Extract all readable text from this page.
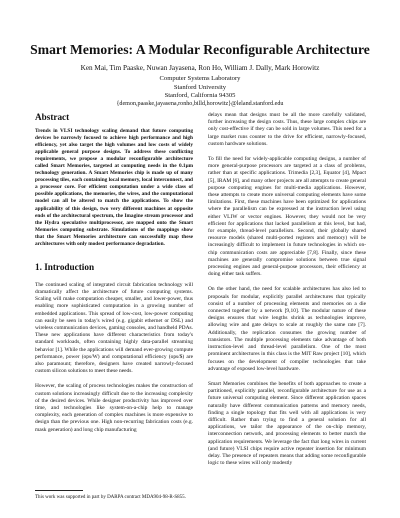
Smart Memories: A Modular Reconfigurable Architecture
Ken Mai, Tim Paaske, Nuwan Jayasena, Ron Ho, William J. Dally, Mark Horowitz
Computer Systems Laboratory
Stanford University
Stanford, California 94305
{demon,paaske,jayasena,ronho,billd,horowitz}@leland.stanford.edu
Abstract

Trends in VLSI technology scaling demand that future computing devices be narrowly focused to achieve high performance and high efficiency, yet also target the high volumes and low costs of widely applicable general purpose designs. To address these conflicting requirements, we propose a modular reconfigurable architecture called Smart Memories, targeted at computing needs in the 0.1μm technology generation. A Smart Memories chip is made up of many processing tiles, each containing local memory, local interconnect, and a processor core. For efficient computation under a wide class of possible applications, the memories, the wires, and the computational model can all be altered to match the applications. To show the applicability of this design, two very different machines at opposite ends of the architectural spectrum, the Imagine stream processor and the Hydra speculative multiprocessor, are mapped onto the Smart Memories computing substrate. Simulations of the mappings show that the Smart Memories architecture can successfully map these architectures with only modest performance degradation.

1. Introduction

The continued scaling of integrated circuit fabrication technology will dramatically affect the architecture of future computing systems. Scaling will make computation cheaper, smaller, and lower-power, thus enabling more sophisticated computation in a growing number of embedded applications. This spread of low-cost, low-power computing can easily be seen in today's wired (e.g. gigabit ethernet or DSL) and wireless communication devices, gaming consoles, and handheld PDAs. These new applications have different characteristics from today's standard workloads, often containing highly data-parallel streaming behavior [1]. While the applications will demand ever-growing compute performance, power (ops/W) and computational efficiency (ops/$) are also paramount; therefore, designers have created narrowly-focused custom silicon solutions to meet these needs.

However, the scaling of process technologies makes the construction of custom solutions increasingly difficult due to the increasing complexity of the desired devices. While designer productivity has improved over time, and technologies like system-on-a-chip help to manage complexity, each generation of complex machines is more expensive to design than the previous one. High non-recurring fabrication costs (e.g. mask generation) and long chip manufacturing

delays mean that designs must be all the more carefully validated, further increasing the design costs. Thus, these large complex chips are only cost-effective if they can be sold in large volumes. This need for a large market runs counter to the drive for efficient, narrowly-focused, custom hardware solutions.

To fill the need for widely-applicable computing designs, a number of more general-purpose processors are targeted at a class of problems, rather than at specific applications. Trimedia [2,3], Equator [4], Mpact [5], IRAM [6], and many other projects are all attempts to create general purpose computing engines for multi-media applications. However, these attempts to create more universal computing elements have some limitations. First, these machines have been optimized for applications where the parallelism can be expressed at the instruction level using either VLIW or vector engines. However, they would not be very efficient for applications that lacked parallelism at this level, but had, for example, thread-level parallelism. Second, their globally shared resource models (shared multi-ported registers and memory) will be increasingly difficult to implement in future technologies in which on-chip communication costs are appreciable [7,8]. Finally, since these machines are generally compromise solutions between true signal processing engines and general-purpose processors, their efficiency at doing either task suffers.

On the other hand, the need for scalable architectures has also led to proposals for modular, explicitly parallel architectures that typically consist of a number of processing elements and memories on a die connected together by a network [9,10]. The modular nature of these designs ensures that wire lengths shrink as technologies improve, allowing wire and gate delays to scale at roughly the same rate [7]. Additionally, the replication consumes the growing number of transistors. The multiple processing elements take advantage of both instruction-level and thread-level parallelism. One of the most prominent architectures in this class is the MIT Raw project [10], which focuses on the development of compiler technologies that take advantage of exposed low-level hardware.

Smart Memories combines the benefits of both approaches to create a partitioned, explicitly parallel, reconfigurable architecture for use as a future universal computing element. Since different application spaces naturally have different communication patterns and memory needs, finding a single topology that fits well with all applications is very difficult. Rather than trying to find a general solution for all applications, we tailor the appearance of the on-chip memory, interconnection network, and processing elements to better match the application requirements. We leverage the fact that long wires in current (and future) VLSI chips require active repeater insertion for minimum delay. The presence of repeaters means that adding some reconfigurable logic to these wires will only modestly

This work was supported in part by DARPA contract MDA904-98-R-S855.
